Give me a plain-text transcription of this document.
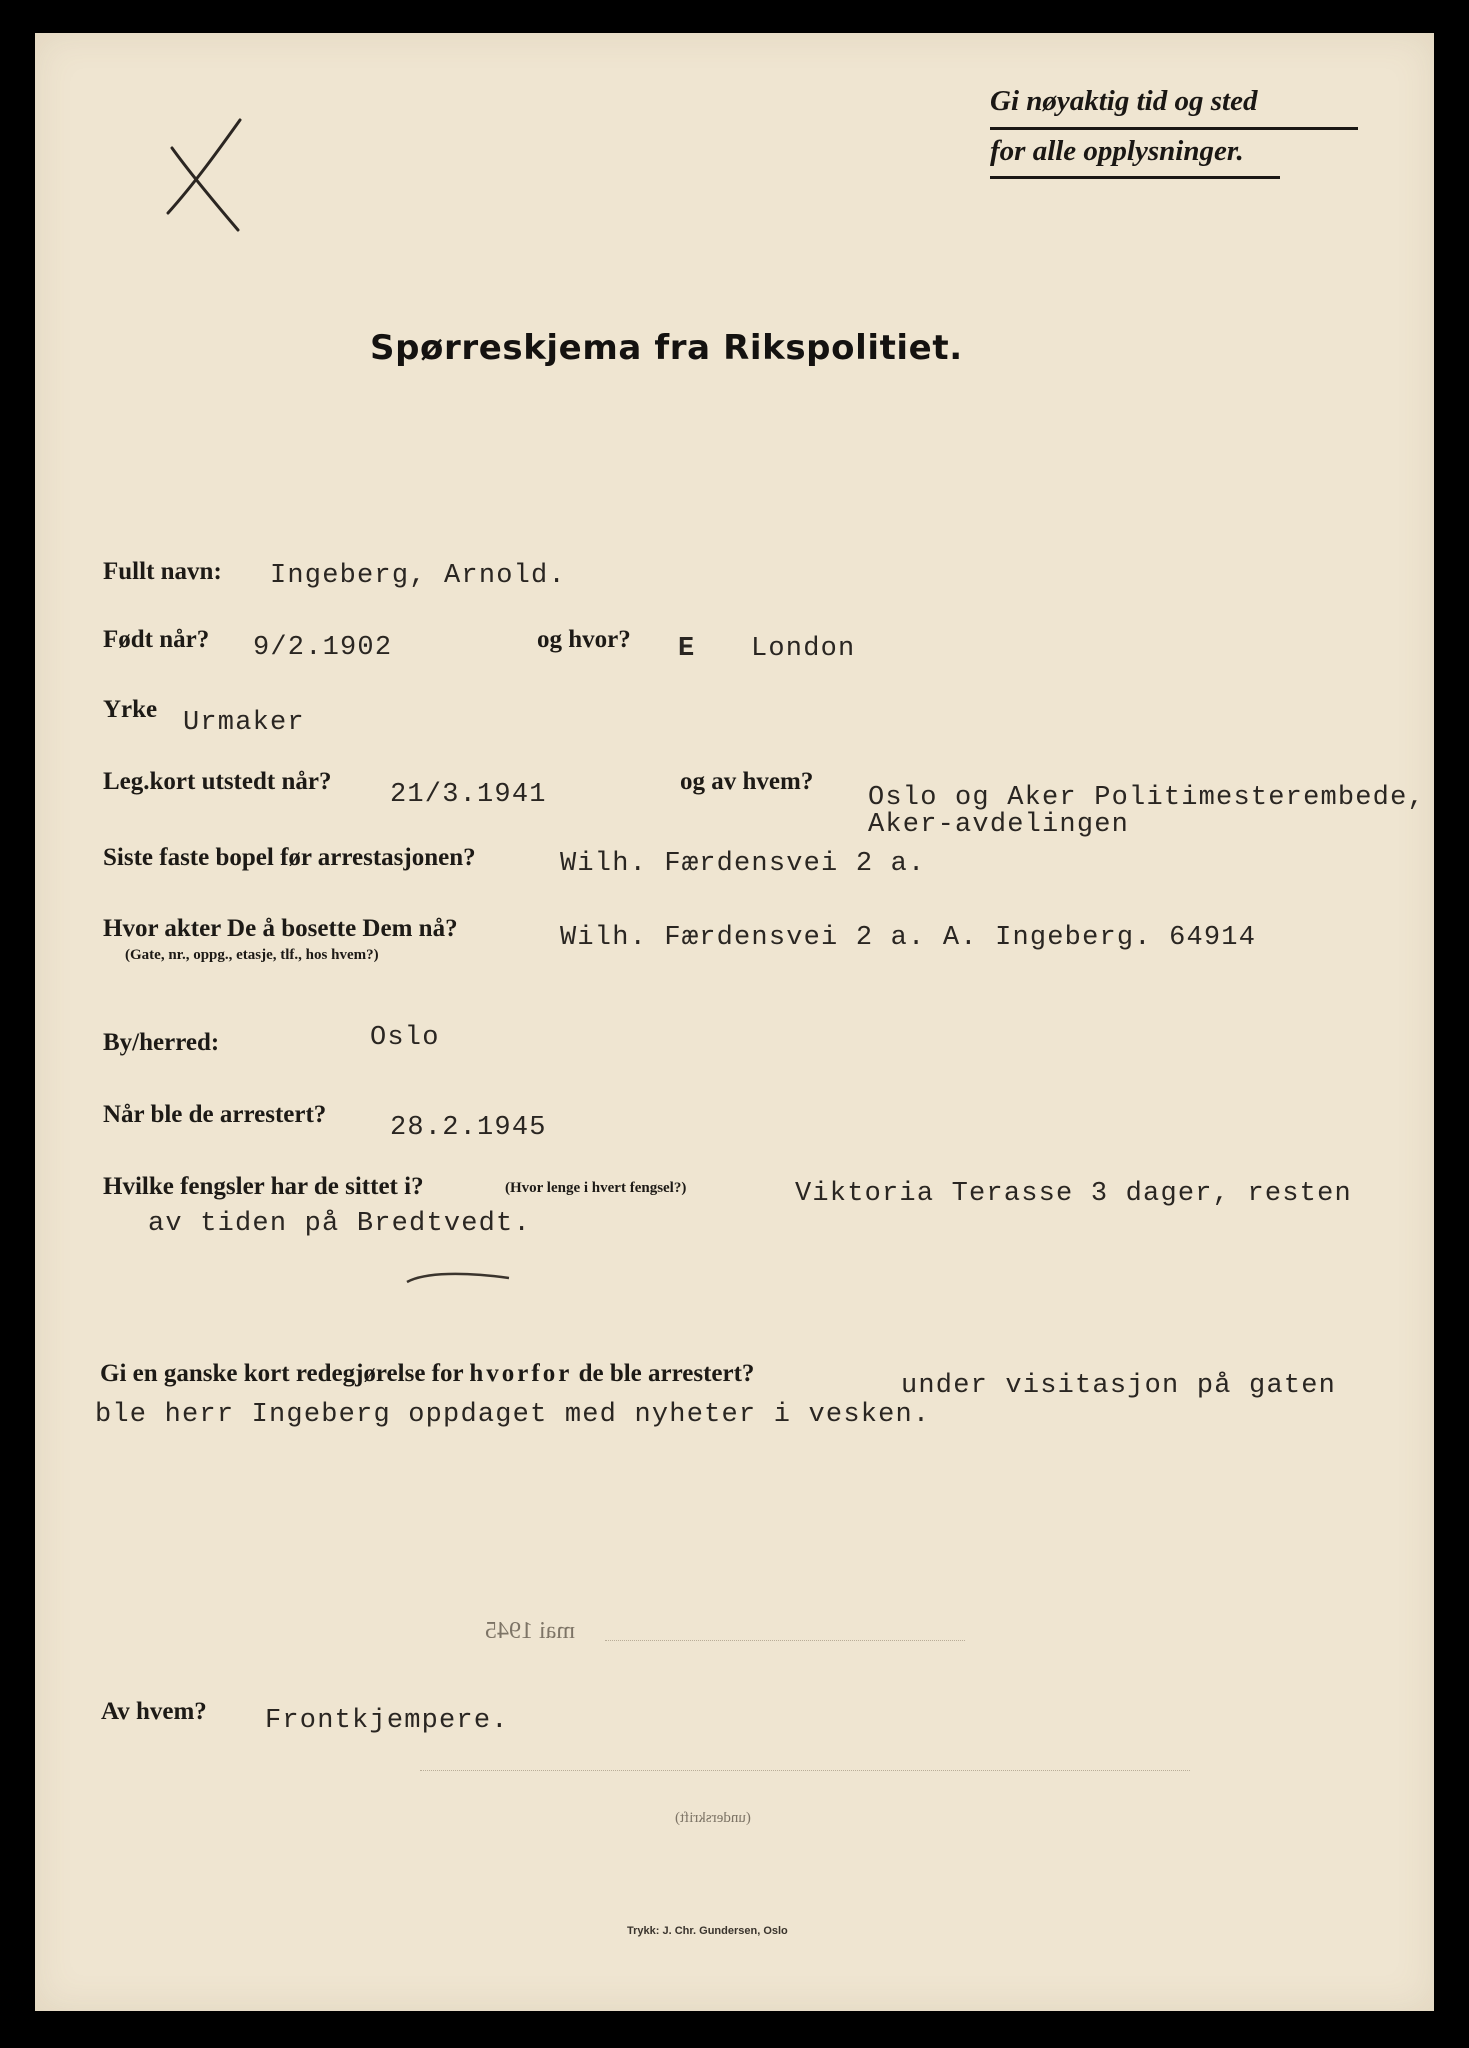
Gi nøyaktig tid og sted
for alle opplysninger.
Spørreskjema fra Rikspolitiet.
Fullt navn: Ingeberg, Arnold.
Født når? 9/2.1902	og hvor? E London
Yrke Urmaker
Leg.kort utstedt når? 21/3.1941	og av hvem?
Oslo og Aker Politimesterembede,
Aker-avdelingen
Siste faste bopel før arrestasjonen?	Wilh. Færdensvei 2 a.
Hvor akter De å bosette Dem nå?
(Gate, nr., oppg., etasje, tlf., hos hvem?)
Wilh. Færdensvei 2 a. A. Ingeberg. 64914
By/herred:	Oslo
Når ble de arrestert? 28.2.1945
Hvilke fengsler har de sittet i?	(Hvor lenge i hvert fengsel?)	Viktoria Terasse 3 dager, resten
av tiden på Bredtvedt.
Gi en ganske kort redegjørelse for hvorfor de ble arrestert?	under visitasjon på gaten
ble herr Ingeberg oppdaget med nyheter i vesken.
mai 1945
Av hvem? Frontkjempere.
(underskrift)
Trykk: J. Chr. Gundersen, Oslo
